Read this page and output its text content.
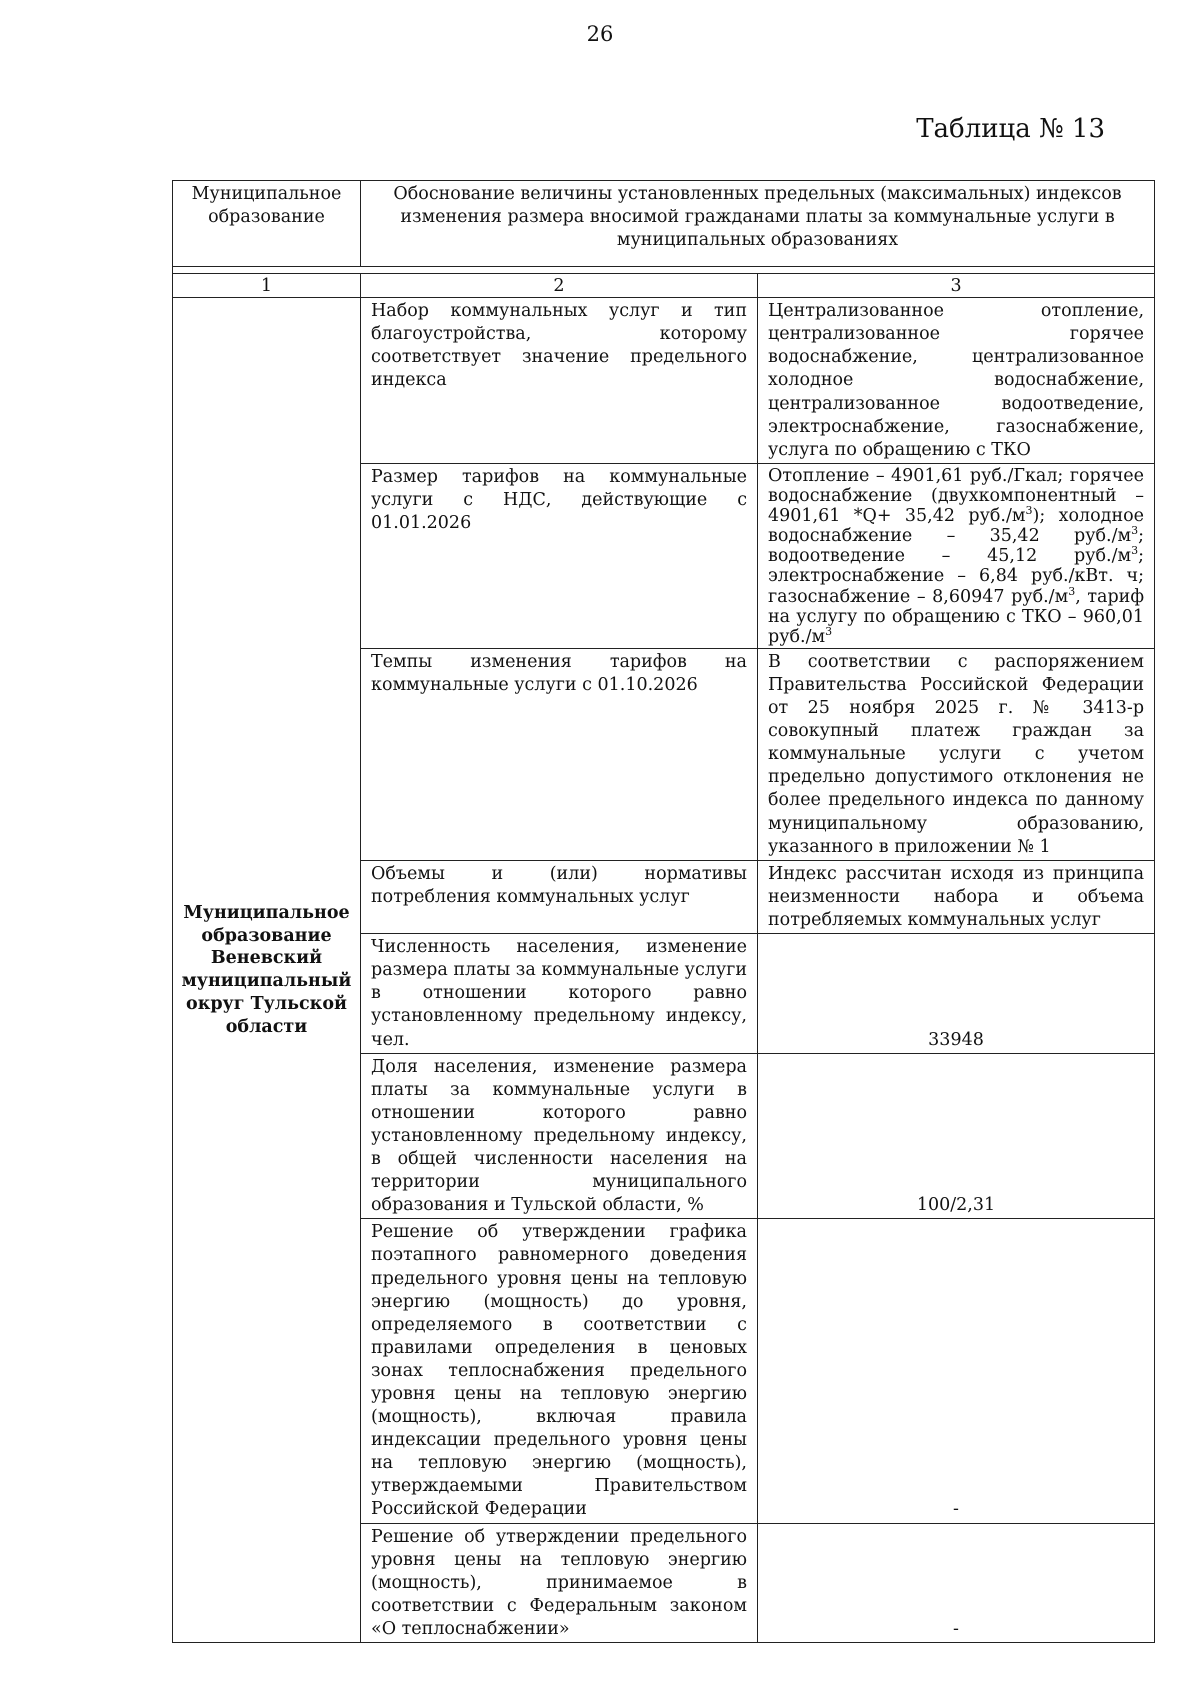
26
Таблица № 13
Муниципальное образование	Обоснование величины установленных предельных (максимальных) индексов изменения размера вносимой гражданами платы за коммунальные услуги в муниципальных образованиях	

1	2	3
Муниципальное образование Веневский муниципальный округ Тульской области	Набор коммунальных услуг и тип благоустройства, которому соответствует значение предельного индекса	Централизованное отопление, централизованное горячее водоснабжение, централизованное холодное водоснабжение, централизованное водоотведение, электроснабжение, газоснабжение, услуга по обращению с ТКО
	Размер тарифов на коммунальные услуги с НДС, действующие с 01.01.2026	Отопление – 4901,61 руб./Гкал; горячее водоснабжение (двухкомпонентный – 4901,61 *Q+ 35,42 $руб./м^3$); холодное водоснабжение – 35,42 $руб./м^3$; водоотведение – 45,12 $руб./м^3$; электроснабжение – 6,84 руб./кВт. ч; газоснабжение – 8,60947 $руб./м^3$, тариф на услугу по обращению с ТКО – 960,01 $руб./м^3$
	Темпы изменения тарифов на коммунальные услуги с 01.10.2026	В соответствии с распоряжением Правительства Российской Федерации от 25 ноября 2025 г. № 3413-р совокупный платеж граждан за коммунальные услуги с учетом предельно допустимого отклонения не более предельного индекса по данному муниципальному образованию, указанного в приложении № 1
	Объемы и (или) нормативы потребления коммунальных услуг	Индекс рассчитан исходя из принципа неизменности набора и объема потребляемых коммунальных услуг
	Численность населения, изменение размера платы за коммунальные услуги в отношении которого равно установленному предельному индексу, чел.	33948
	Доля населения, изменение размера платы за коммунальные услуги в отношении которого равно установленному предельному индексу, в общей численности населения на территории муниципального образования и Тульской области, %	100/2,31
	Решение об утверждении графика поэтапного равномерного доведения предельного уровня цены на тепловую энергию (мощность) до уровня, определяемого в соответствии с правилами определения в ценовых зонах теплоснабжения предельного уровня цены на тепловую энергию (мощность), включая правила индексации предельного уровня цены на тепловую энергию (мощность), утверждаемыми Правительством Российской Федерации	-
	Решение об утверждении предельного уровня цены на тепловую энергию (мощность), принимаемое в соответствии с Федеральным законом «О теплоснабжении»	-
